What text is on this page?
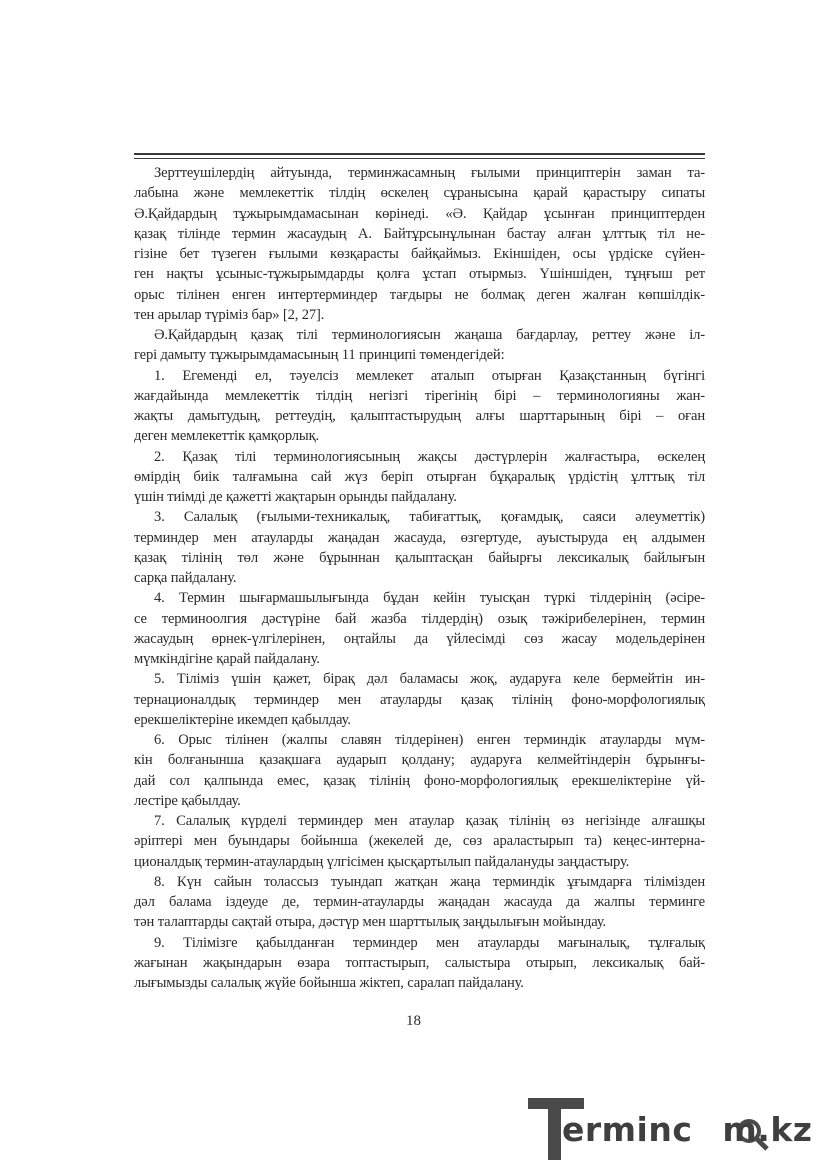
Зерттеушілердің айтуында, терминжасамның ғылыми принциптерін заман та-
лабына және мемлекеттік тілдің өскелең сұранысына қарай қарастыру сипаты
Ә.Қайдардың тұжырымдамасынан көрінеді. «Ә. Қайдар ұсынған принциптерден
қазақ тілінде термин жасаудың А. Байтұрсынұлынан бастау алған ұлттық тіл не-
гізіне бет түзеген ғылыми көзқарасты байқаймыз. Екіншіден, осы үрдіске сүйен-
ген нақты ұсыныс-тұжырымдарды қолға ұстап отырмыз. Үшіншіден, тұңғыш рет
орыс тілінен енген интертерминдер тағдыры не болмақ деген жалған көпшілдік-
тен арылар түріміз бар» [2, 27].
Ә.Қайдардың қазақ тілі терминологиясын жаңаша бағдарлау, реттеу және іл-
гері дамыту тұжырымдамасының 11 принципі төмендегідей:
1. Егеменді ел, тәуелсіз мемлекет аталып отырған Қазақстанның бүгінгі
жағдайында мемлекеттік тілдің негізгі тірегінің бірі – терминологияны жан-
жақты дамытудың, реттеудің, қалыптастырудың алғы шарттарының бірі – оған
деген мемлекеттік қамқорлық.
2. Қазақ тілі терминологиясының жақсы дәстүрлерін жалғастыра, өскелең
өмірдің биік талғамына сай жүз беріп отырған бұқаралық үрдістің ұлттық тіл
үшін тиімді де қажетті жақтарын орынды пайдалану.
3. Салалық (ғылыми-техникалық, табиғаттық, қоғамдық, саяси әлеуметтік)
терминдер мен атауларды жаңадан жасауда, өзгертуде, ауыстыруда ең алдымен
қазақ тілінің төл және бұрыннан қалыптасқан байырғы лексикалық байлығын
сарқа пайдалану.
4. Термин шығармашылығында бұдан кейін туысқан түркі тілдерінің (әсіре-
се терминоолгия дәстүріне бай жазба тілдердің) озық тәжірибелерінен, термин
жасаудың өрнек-үлгілерінен, оңтайлы да үйлесімді сөз жасау модельдерінен
мүмкіндігіне қарай пайдалану.
5. Тіліміз үшін қажет, бірақ дәл баламасы жоқ, аударуға келе бермейтін ин-
тернационалдық терминдер мен атауларды қазақ тілінің фоно-морфологиялық
ерекшеліктеріне икемдеп қабылдау.
6. Орыс тілінен (жалпы славян тілдерінен) енген терминдік атауларды мүм-
кін болғанынша қазақшаға аударып қолдану; аударуға келмейтіндерін бұрынғы-
дай сол қалпында емес, қазақ тілінің фоно-морфологиялық ерекшеліктеріне үй-
лестіре қабылдау.
7. Салалық күрделі терминдер мен атаулар қазақ тілінің өз негізінде алғашқы
әріптері мен буындары бойынша (жекелей де, сөз араластырып та) кеңес-интерна-
ционалдық термин-атаулардың үлгісімен қысқартылып пайдалануды заңдастыру.
8. Күн сайын толассыз туындап жатқан жаңа терминдік ұғымдарға тілімізден
дәл балама іздеуде де, термин-атауларды жаңадан жасауда да жалпы терминге
тән талаптарды сақтай отыра, дәстүр мен шарттылық заңдылығын мойындау.
9. Тілімізге қабылданған терминдер мен атауларды мағыналық, тұлғалық
жағынан жақындарын өзара топтастырып, салыстыра отырып, лексикалық бай-
лығымызды салалық жүйе бойынша жіктеп, саралап пайдалану.
18
erminc m.kz
